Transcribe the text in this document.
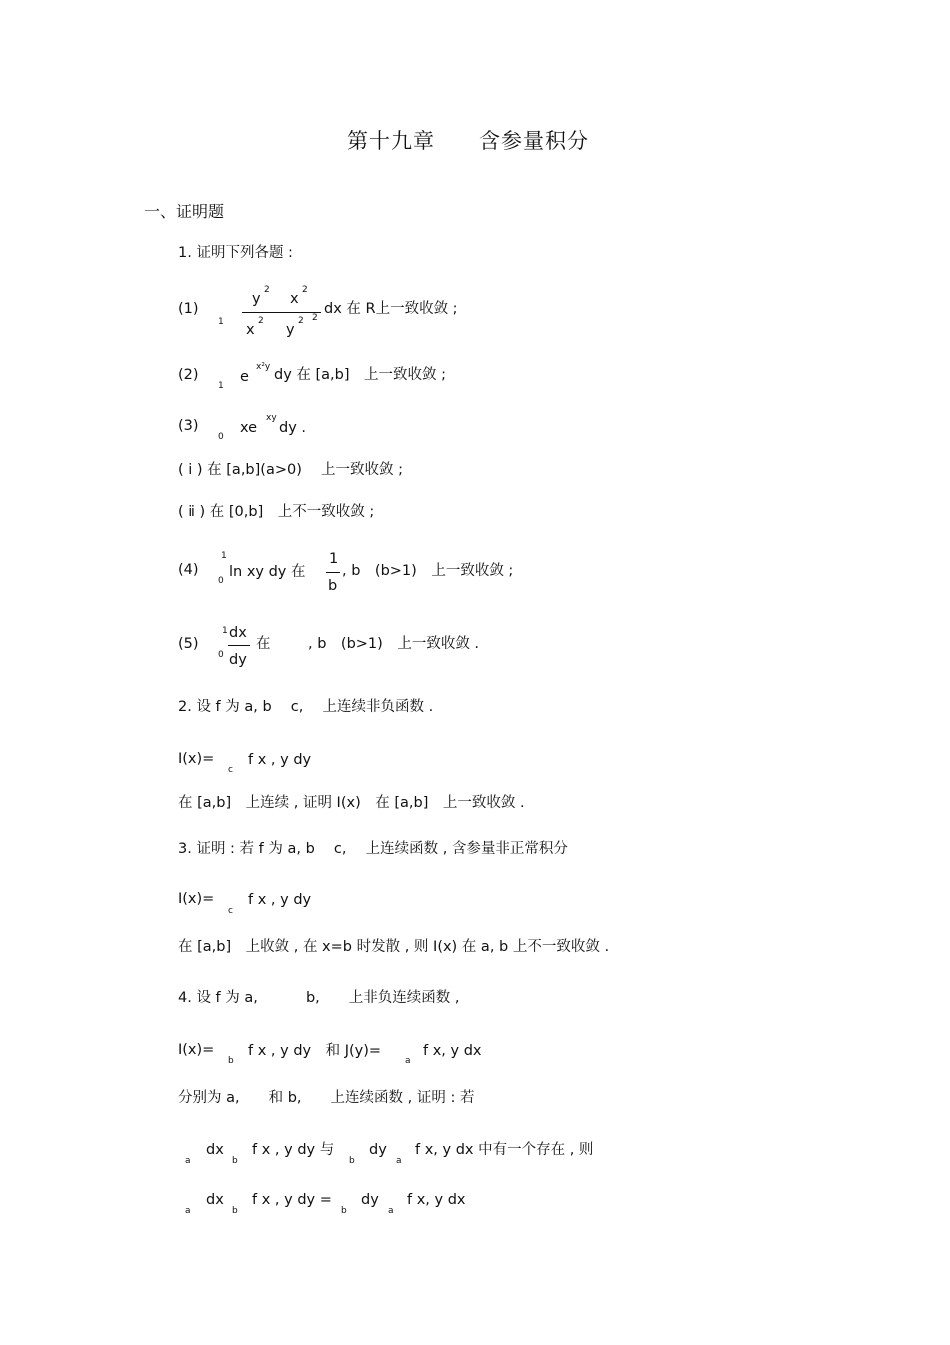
第十九章　　含参量积分
一、证明题
1. 证明下列各题 :
(1)
1
y
2
x
2
x
2
y
2 2
dx 在 R上一致收敛 ;
(2)
1
e
x²y dy 在 [a,b]　上一致收敛 ;
(3)
0
xe
xy
dy .
( ⅰ ) 在 [a,b](a>0)　 上一致收敛 ;
( ⅱ ) 在 [0,b]　上不一致收敛 ;
(4)
1
0
ln xy dy 在
1
b
, b　(b>1)　上一致收敛 ;
(5)
1
0
dx
dy
在	, b　(b>1)　上一致收敛 .
2. 设 f 为 a, b　 c,　 上连续非负函数 .
I(x)=
c
f x , y dy
在 [a,b]　上连续 , 证明 I(x)　在 [a,b]　上一致收敛 .
3. 证明 : 若 f 为 a, b　 c,　 上连续函数 , 含参量非正常积分
I(x)=
c
f x , y dy
在 [a,b]　上收敛 , 在 x=b 时发散 , 则 I(x) 在 a, b 上不一致收敛 .
4. 设 f 为 a,　　　 b,　　上非负连续函数 ,
I(x)=
b
f x , y dy　和 J(y)=
a
f x, y dx
分别为 a,　　和 b,　　上连续函数 , 证明 : 若
a
dx
b
f x , y dy 与
b
dy
a
f x, y dx 中有一个存在 , 则
a
dx
b
f x , y dy =
b
dy
a
f x, y dx
